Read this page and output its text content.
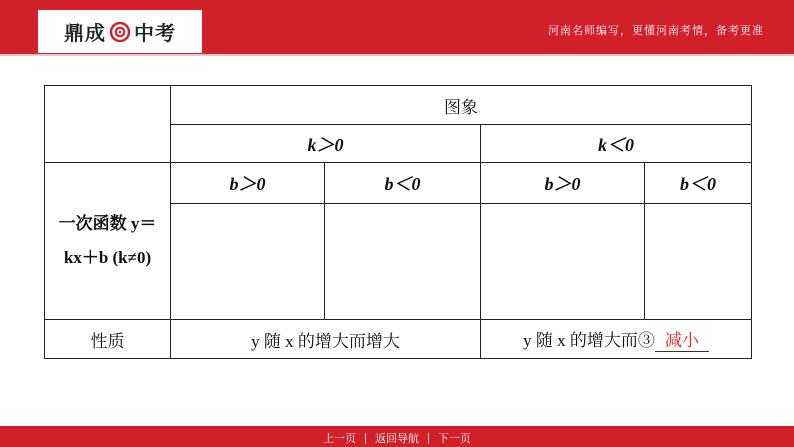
鼎成 中考	河南名师编写，更懂河南考情，备考更准
	图象			
	k＞0		k＜0	

一次函数 y＝
kx＋b (k≠0)	b＞0	b＜0	b＞0	b＜0

性质	y 随 x 的增大而增大		y 随 x 的增大而③ 减小	
上一页 | 返回导航 | 下一页
